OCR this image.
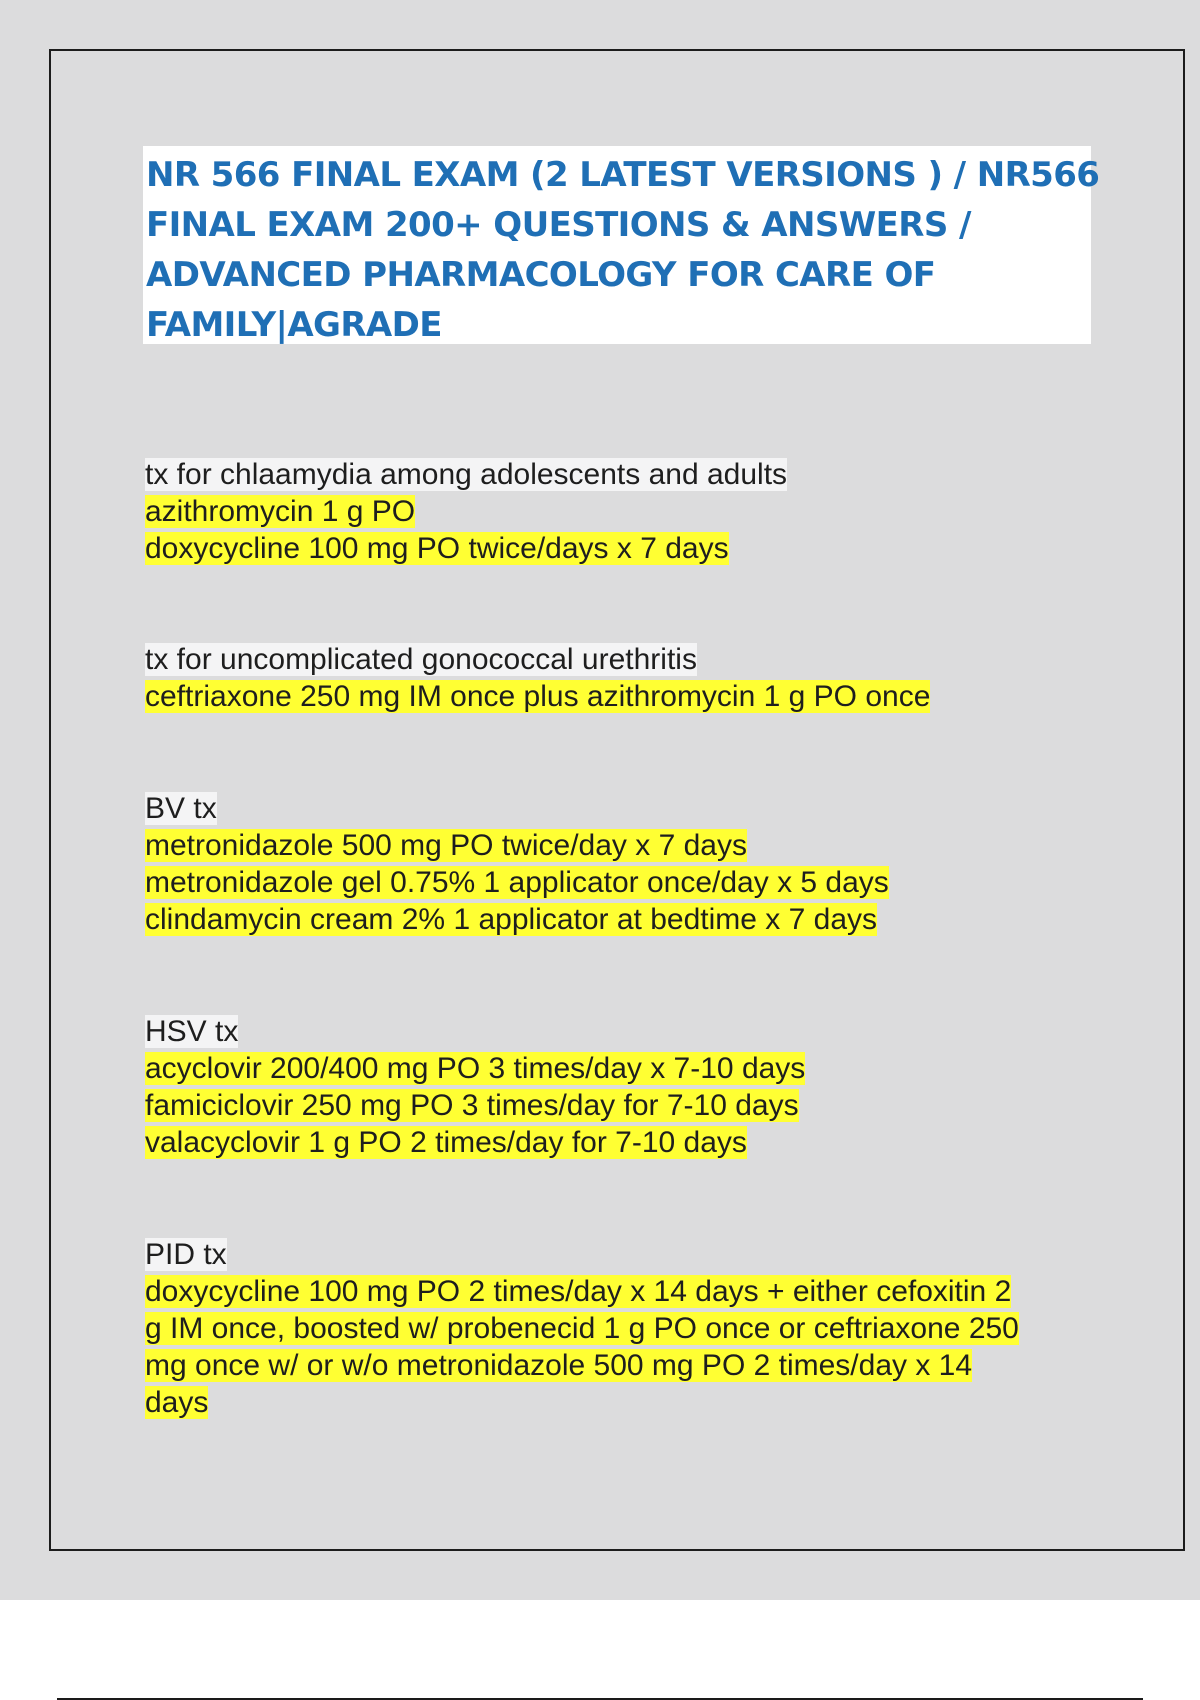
NR 566 FINAL EXAM (2 LATEST VERSIONS ) / NR566
FINAL EXAM 200+ QUESTIONS & ANSWERS /
ADVANCED PHARMACOLOGY FOR CARE OF
FAMILY|AGRADE
tx for chlaamydia among adolescents and adults
azithromycin 1 g PO
doxycycline 100 mg PO twice/days x 7 days
tx for uncomplicated gonococcal urethritis
ceftriaxone 250 mg IM once plus azithromycin 1 g PO once
BV tx
metronidazole 500 mg PO twice/day x 7 days
metronidazole gel 0.75% 1 applicator once/day x 5 days
clindamycin cream 2% 1 applicator at bedtime x 7 days
HSV tx
acyclovir 200/400 mg PO 3 times/day x 7-10 days
famiciclovir 250 mg PO 3 times/day for 7-10 days
valacyclovir 1 g PO 2 times/day for 7-10 days
PID tx
doxycycline 100 mg PO 2 times/day x 14 days + either cefoxitin 2
g IM once, boosted w/ probenecid 1 g PO once or ceftriaxone 250
mg once w/ or w/o metronidazole 500 mg PO 2 times/day x 14
days
